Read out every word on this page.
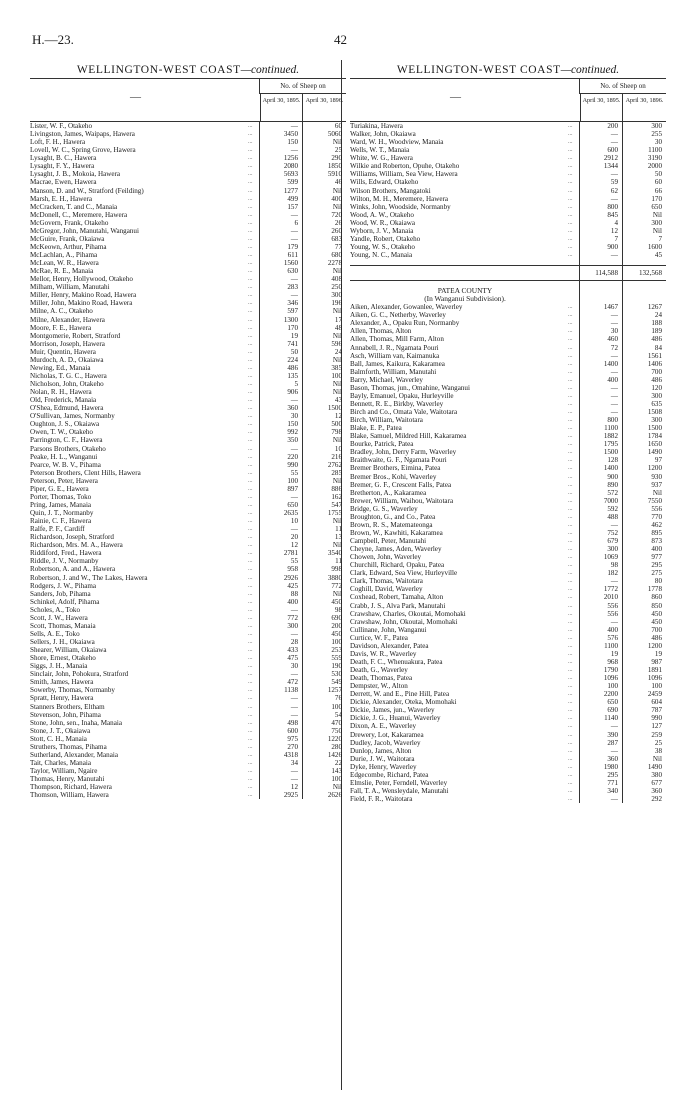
H.—23.	42
WELLINGTON-WEST COAST—continued.
—
No. of Sheep on
April 30, 1895. April 30, 1896.
Lister, W. F., Otakeho	...	—	60
Livingston, James, Waipaps, Hawera	...	3450	5060
Loft, F. H., Hawera	...	150	Nil
Lovell, W. C., Spring Grove, Hawera	...	—	25
Lysaght, B. C., Hawera	...	1256	290
Lysaght, F. Y., Hawera	...	2080	1850
Lysaght, J. B., Mokoia, Hawera	...	5693	5910
Macrae, Ewen, Hawera	...	599	46
Manson, D. and W., Stratford (Feilding)	...	1277	Nil
Marsh, E. H., Hawera	...	499	400
McCracken, T. and C., Manaia	...	157	Nil
McDonell, C., Meremere, Hawera	...	—	720
McGovern, Frank, Otakeho	...	6	26
McGregor, John, Manutahi, Wanganui	...	—	260
McGuire, Frank, Okaiawa	...	—	683
McKeown, Arthur, Pihama	...	179	77
McLachlan, A., Pihama	...	611	680
McLean, W. R., Hawera	...	1560	2278
McRae, R. E., Manaia	...	630	Nil
Mellor, Henry, Hollywood, Otakeho	...	—	408
Milham, William, Manutahi	...	283	250
Miller, Henry, Makino Road, Hawera	...	—	300
Miller, John, Makino Road, Hawera	...	346	196
Milne, A. C., Otakeho	...	597	Nil
Milne, Alexander, Hawera	...	1300	17
Moore, F. E., Hawera	...	170	48
Montgomerie, Robert, Stratford	...	19	Nil
Morrison, Joseph, Hawera	...	741	596
Muir, Quentin, Hawera	...	50	24
Murdoch, A. D., Okaiawa	...	224	Nil
Newing, Ed., Manaia	...	486	385
Nicholas, T. G. C., Hawera	...	135	100
Nicholson, John, Otakeho	...	5	Nil
Nolan, R. H., Hawera	...	906	Nil
Old, Frederick, Manaia	...	—	43
O'Shea, Edmund, Hawera	...	360	1500
O'Sullivan, James, Normanby	...	30	12
Oughton, J. S., Okaiawa	...	150	500
Owen, T. W., Otakeho	...	992	798
Parrington, C. F., Hawera	...	350	Nil
Parsons Brothers, Otakeho	...	—	10
Peake, H. L., Wanganui	...	220	216
Pearce, W. B. V., Pihama	...	990	2762
Peterson Brothers, Clent Hills, Hawera	...	55	285
Peterson, Peter, Hawera	...	100	Nil
Piper, G. E., Hawera	...	897	886
Porter, Thomas, Toko	...	—	162
Pring, James, Manaia	...	650	547
Quin, J. T., Normanby	...	2635	1755
Rainie, C. F., Hawera	...	10	Nil
Ralfe, P. F., Cardiff	...	—	11
Richardson, Joseph, Stratford	...	20	13
Richardson, Mrs. M. A., Hawera	...	12	Nil
Riddiford, Fred., Hawera	...	2781	3540
Riddle, J. V., Normanby	...	55	11
Robertson, A. and A., Hawera	...	958	998
Robertson, J. and W., The Lakes, Hawera	...	2926	3880
Rodgers, J. W., Pihama	...	425	772
Sanders, Job, Pihama	...	88	Nil
Schinkel, Adolf, Pihama	...	400	450
Scholes, A., Toko	...	—	98
Scott, J. W., Hawera	...	772	690
Scott, Thomas, Manaia	...	300	200
Sells, A. E., Toko	...	—	450
Sellers, J. H., Okaiawa	...	28	100
Shearer, William, Okaiawa	...	433	253
Shore, Ernest, Otakeho	...	475	559
Siggs, J. H., Manaia	...	30	190
Sinclair, John, Pohokura, Stratford	...	—	530
Smith, James, Hawera	...	472	549
Sowerby, Thomas, Normanby	...	1138	1257
Spratt, Henry, Hawera	...	—	76
Stanners Brothers, Eltham	...	—	100
Stevenson, John, Pihama	...	—	54
Stone, John, sen., Inaha, Manaia	...	498	470
Stone, J. T., Okaiawa	...	600	750
Stott, C. H., Manaia	...	975	1220
Struthers, Thomas, Pihama	...	270	280
Sutherland, Alexander, Manaia	...	4318	1426
Tait, Charles, Manaia	...	34	22
Taylor, William, Ngaire	...	—	143
Thomas, Henry, Manutahi	...	—	100
Thompson, Richard, Hawera	...	12	Nil
Thomson, William, Hawera	...	2925	2626
WELLINGTON-WEST COAST—continued.
—
No. of Sheep on
April 30, 1895. April 30, 1896.
Turiakina, Hawera	...	200	300
Walker, John, Okaiawa	...	—	255
Ward, W. H., Woodview, Manaia	...	—	30
Wells, W. T., Manaia	...	600	1100
White, W. G., Hawera	...	2912	3190
Wilkie and Roberton, Opuhe, Otakeho	...	1344	2000
Williams, William, Sea View, Hawera	...	—	50
Wills, Edward, Otakeho	...	59	60
Wilson Brothers, Mangatoki	...	62	66
Wilton, M. H., Meremere, Hawera	...	—	170
Winks, John, Woodside, Normanby	...	800	650
Wood, A. W., Otakeho	...	845	Nil
Wood, W. R., Okaiawa	...	4	300
Wyborn, J. V., Manaia	...	12	Nil
Yandle, Robert, Otakeho	...	7	7
Young, W. S., Otakeho	...	900	1600
Young, N. C., Manaia	...	—	45
114,588	132,568
PATEA COUNTY
(In Wanganui Subdivision).
Aiken, Alexander, Gowanlee, Waverley	...	1467	1267
Aiken, G. C., Netherby, Waverley	...	—	24
Alexander, A., Opaku Run, Normanby	...	—	188
Allen, Thomas, Alton	...	30	189
Allen, Thomas, Mill Farm, Alton	...	460	486
Annabell, J. R., Ngamata Pouri	...	72	84
Asch, William van, Kaimanuka	...	—	1561
Ball, James, Kaikura, Kakaramea	...	1400	1406
Balmforth, William, Manutahi	...	—	700
Barry, Michael, Waverley	...	400	486
Bason, Thomas, jun., Omahine, Wanganui	...	—	120
Bayly, Emanuel, Opaku, Hurleyville	...	—	300
Bennett, R. E., Birkby, Waverley	...	—	635
Birch and Co., Omata Vale, Waitotara	...	—	1508
Birch, William, Waitotara	...	800	300
Blake, E. P., Patea	...	1100	1500
Blake, Samuel, Mildred Hill, Kakaramea	...	1882	1784
Bourke, Patrick, Patea	...	1795	1650
Bradley, John, Derry Farm, Waverley	...	1500	1490
Braithwaite, G. F., Ngamata Pouri	...	128	97
Bremer Brothers, Eimina, Patea	...	1400	1200
Bremer Bros., Kohi, Waverley	...	900	930
Bremer, G. F., Crescent Falls, Patea	...	890	937
Bretherton, A., Kakaramea	...	572	Nil
Brewer, William, Waihou, Waitotara	...	7000	7550
Bridge, G. S., Waverley	...	592	556
Broughton, G., and Co., Patea	...	488	770
Brown, R. S., Matemateonga	...	—	462
Brown, W., Kawhiti, Kakaramea	...	752	895
Campbell, Peter, Manutahi	...	679	873
Cheyne, James, Aden, Waverley	...	300	400
Chowen, John, Waverley	...	1069	977
Churchill, Richard, Opaku, Patea	...	98	295
Clark, Edward, Sea View, Hurleyville	...	182	275
Clark, Thomas, Waitotara	...	—	80
Coghill, David, Waverley	...	1772	1778
Coxhead, Robert, Tamaha, Alton	...	2010	860
Crabb, J. S., Alva Park, Manutahi	...	556	850
Crawshaw, Charles, Okoutai, Momohaki	...	556	450
Crawshaw, John, Okoutai, Momohaki	...	—	450
Cullinane, John, Wanganui	...	400	700
Curtice, W. F., Patea	...	576	486
Davidson, Alexander, Patea	...	1100	1200
Davis, W. R., Waverley	...	19	19
Death, F. C., Whenuakura, Patea	...	968	987
Death, G., Waverley	...	1790	1891
Death, Thomas, Patea	...	1096	1096
Dempster, W., Alton	...	100	100
Derrett, W. and E., Pine Hill, Patea	...	2200	2459
Dickie, Alexander, Oteka, Momohaki	...	650	604
Dickie, James, jun., Waverley	...	690	787
Dickie, J. G., Huanui, Waverley	...	1140	990
Dixon, A. E., Waverley	...	—	127
Drewery, Lot, Kakaramea	...	390	259
Dudley, Jacob, Waverley	...	287	25
Dunlop, James, Alton	...	—	38
Durie, J. W., Waitotara	...	360	Nil
Dyke, Henry, Waverley	...	1980	1490
Edgecombe, Richard, Patea	...	295	380
Elmslie, Peter, Ferndell, Waverley	...	771	677
Fall, T. A., Wensleydale, Manutahi	...	340	360
Field, F. R., Waitotara	...	—	292
